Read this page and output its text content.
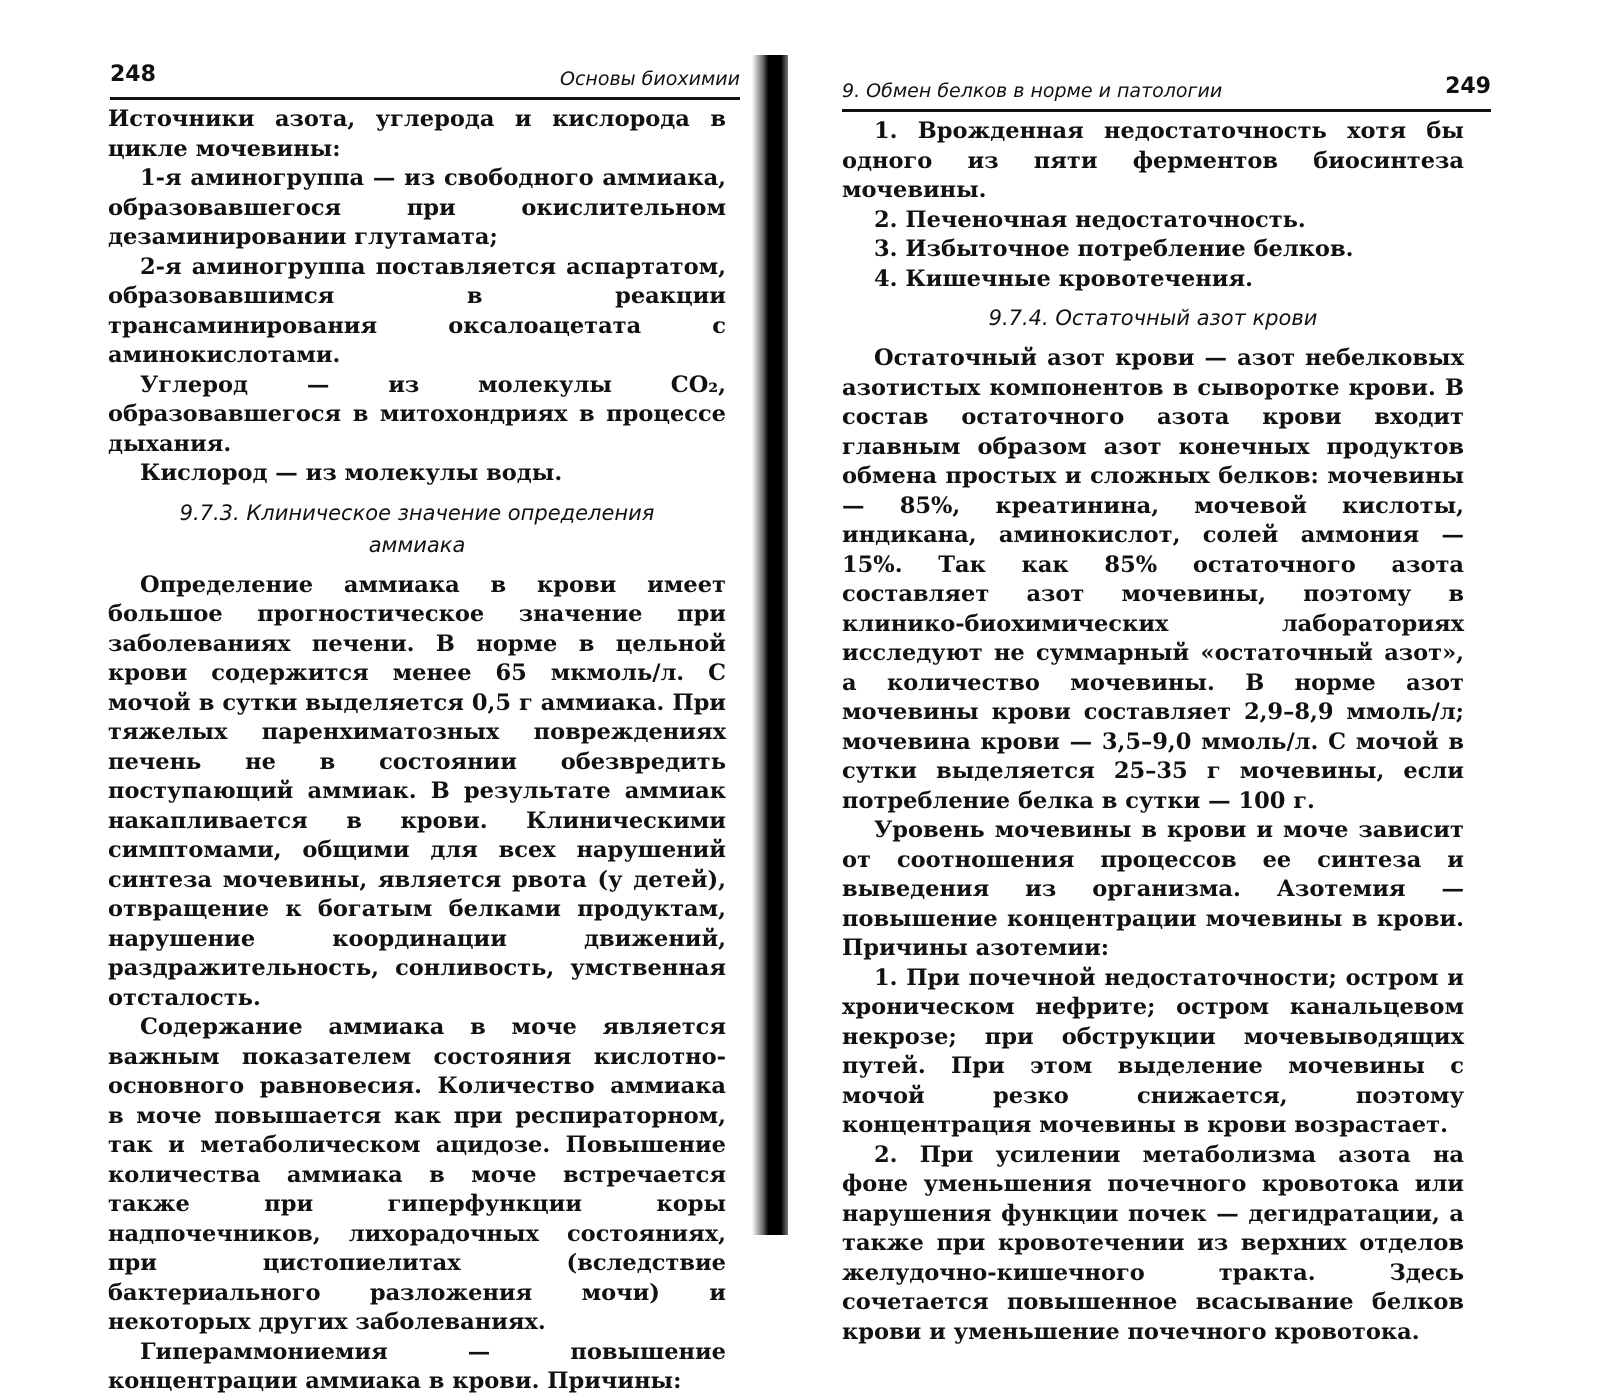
248	Основы биохимии

Источники азота, углерода и кислорода в цикле мочевины:

1-я аминогруппа — из свободного аммиака, образовавшегося при окислительном дезаминировании глутамата;

2-я аминогруппа поставляется аспартатом, образовавшимся в реакции трансаминирования оксалоацетата с аминокислотами.

Углерод — из молекулы CO₂, образовавшегося в митохондриях в процессе дыхания.

Кислород — из молекулы воды.

9.7.3. Клиническое значение определения
аммиака

Определение аммиака в крови имеет большое прогностическое значение при заболеваниях печени. В норме в цельной крови содержится менее 65 мкмоль/л. С мочой в сутки выделяется 0,5 г аммиака. При тяжелых паренхиматозных повреждениях печень не в состоянии обезвредить поступающий аммиак. В результате аммиак накапливается в крови. Клиническими симптомами, общими для всех нарушений синтеза мочевины, является рвота (у детей), отвращение к богатым белками продуктам, нарушение координации движений, раздражительность, сонливость, умственная отсталость.

Содержание аммиака в моче является важным показателем состояния кислотно-основного равновесия. Количество аммиака в моче повышается как при респираторном, так и метаболическом ацидозе. Повышение количества аммиака в моче встречается также при гиперфункции коры надпочечников, лихорадочных состояниях, при цистопиелитах (вследствие бактериального разложения мочи) и некоторых других заболеваниях.

Гипераммониемия — повышение концентрации аммиака в крови. Причины:

9. Обмен белков в норме и патологии	249

1. Врожденная недостаточность хотя бы одного из пяти ферментов биосинтеза мочевины.

2. Печеночная недостаточность.

3. Избыточное потребление белков.

4. Кишечные кровотечения.

9.7.4. Остаточный азот крови

Остаточный азот крови — азот небелковых азотистых компонентов в сыворотке крови. В состав остаточного азота крови входит главным образом азот конечных продуктов обмена простых и сложных белков: мочевины — 85%, креатинина, мочевой кислоты, индикана, аминокислот, солей аммония — 15%. Так как 85% остаточного азота составляет азот мочевины, поэтому в клинико-биохимических лабораториях исследуют не суммарный «остаточный азот», а количество мочевины. В норме азот мочевины крови составляет 2,9–8,9 ммоль/л; мочевина крови — 3,5–9,0 ммоль/л. С мочой в сутки выделяется 25–35 г мочевины, если потребление белка в сутки — 100 г.

Уровень мочевины в крови и моче зависит от соотношения процессов ее синтеза и выведения из организма. Азотемия — повышение концентрации мочевины в крови. Причины азотемии:

1. При почечной недостаточности; остром и хроническом нефрите; остром канальцевом некрозе; при обструкции мочевыводящих путей. При этом выделение мочевины с мочой резко снижается, поэтому концентрация мочевины в крови возрастает.

2. При усилении метаболизма азота на фоне уменьшения почечного кровотока или нарушения функции почек — дегидратации, а также при кровотечении из верхних отделов желудочно-кишечного тракта. Здесь сочетается повышенное всасывание белков крови и уменьшение почечного кровотока.
